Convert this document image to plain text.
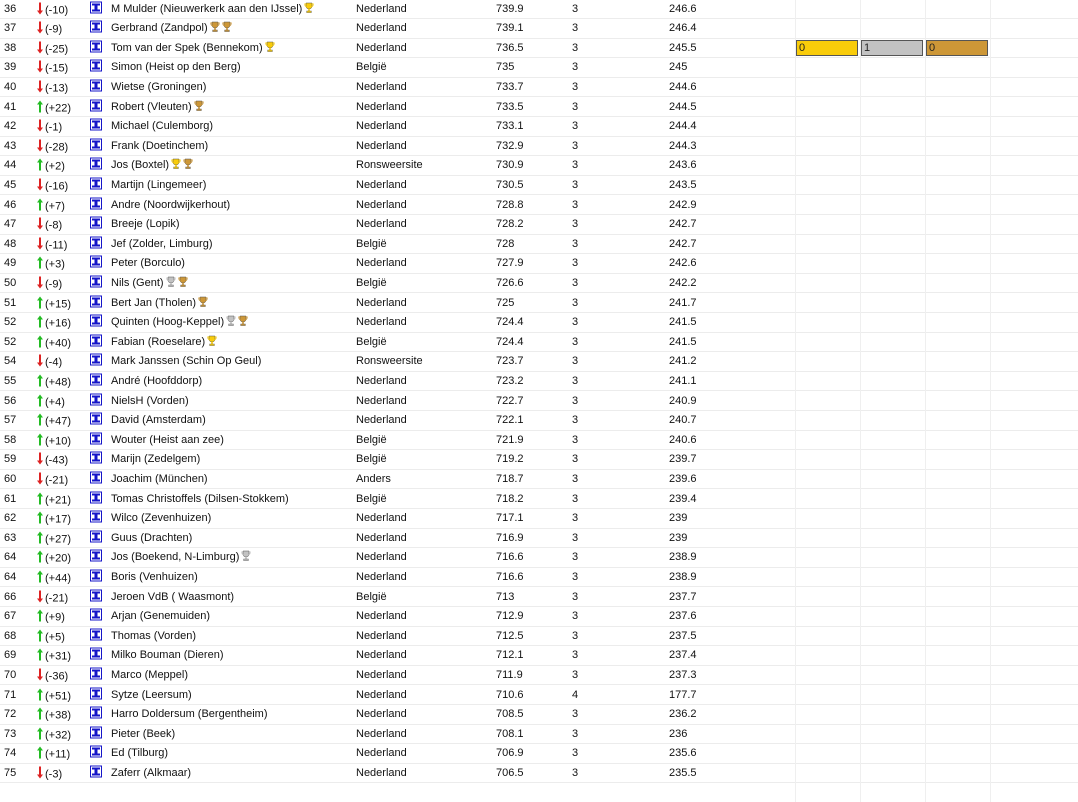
36	(-10)	M Mulder (Nieuwerkerk aan den IJssel)	Nederland	739.9	3	246.6
37	(-9)	Gerbrand (Zandpol)	Nederland	739.1	3	246.4
38	(-25)	Tom van der Spek (Bennekom)	Nederland	736.5	3	245.5	0	1	0
39	(-15)	Simon (Heist op den Berg)	België	735	3	245
40	(-13)	Wietse (Groningen)	Nederland	733.7	3	244.6
41	(+22)	Robert (Vleuten)	Nederland	733.5	3	244.5
42	(-1)	Michael (Culemborg)	Nederland	733.1	3	244.4
43	(-28)	Frank (Doetinchem)	Nederland	732.9	3	244.3
44	(+2)	Jos (Boxtel)	Ronsweersite	730.9	3	243.6
45	(-16)	Martijn (Lingemeer)	Nederland	730.5	3	243.5
46	(+7)	Andre (Noordwijkerhout)	Nederland	728.8	3	242.9
47	(-8)	Breeje (Lopik)	Nederland	728.2	3	242.7
48	(-11)	Jef (Zolder, Limburg)	België	728	3	242.7
49	(+3)	Peter (Borculo)	Nederland	727.9	3	242.6
50	(-9)	Nils (Gent)	België	726.6	3	242.2
51	(+15)	Bert Jan (Tholen)	Nederland	725	3	241.7
52	(+16)	Quinten (Hoog-Keppel)	Nederland	724.4	3	241.5
52	(+40)	Fabian (Roeselare)	België	724.4	3	241.5
54	(-4)	Mark Janssen (Schin Op Geul)	Ronsweersite	723.7	3	241.2
55	(+48)	André (Hoofddorp)	Nederland	723.2	3	241.1
56	(+4)	NielsH (Vorden)	Nederland	722.7	3	240.9
57	(+47)	David (Amsterdam)	Nederland	722.1	3	240.7
58	(+10)	Wouter (Heist aan zee)	België	721.9	3	240.6
59	(-43)	Marijn (Zedelgem)	België	719.2	3	239.7
60	(-21)	Joachim (München)	Anders	718.7	3	239.6
61	(+21)	Tomas Christoffels (Dilsen-Stokkem)	België	718.2	3	239.4
62	(+17)	Wilco (Zevenhuizen)	Nederland	717.1	3	239
63	(+27)	Guus (Drachten)	Nederland	716.9	3	239
64	(+20)	Jos (Boekend, N-Limburg)	Nederland	716.6	3	238.9
64	(+44)	Boris (Venhuizen)	Nederland	716.6	3	238.9
66	(-21)	Jeroen VdB ( Waasmont)	België	713	3	237.7
67	(+9)	Arjan (Genemuiden)	Nederland	712.9	3	237.6
68	(+5)	Thomas (Vorden)	Nederland	712.5	3	237.5
69	(+31)	Milko Bouman (Dieren)	Nederland	712.1	3	237.4
70	(-36)	Marco (Meppel)	Nederland	711.9	3	237.3
71	(+51)	Sytze (Leersum)	Nederland	710.6	4	177.7
72	(+38)	Harro Doldersum (Bergentheim)	Nederland	708.5	3	236.2
73	(+32)	Pieter (Beek)	Nederland	708.1	3	236
74	(+11)	Ed (Tilburg)	Nederland	706.9	3	235.6
75	(-3)	Zaferr (Alkmaar)	Nederland	706.5	3	235.5
